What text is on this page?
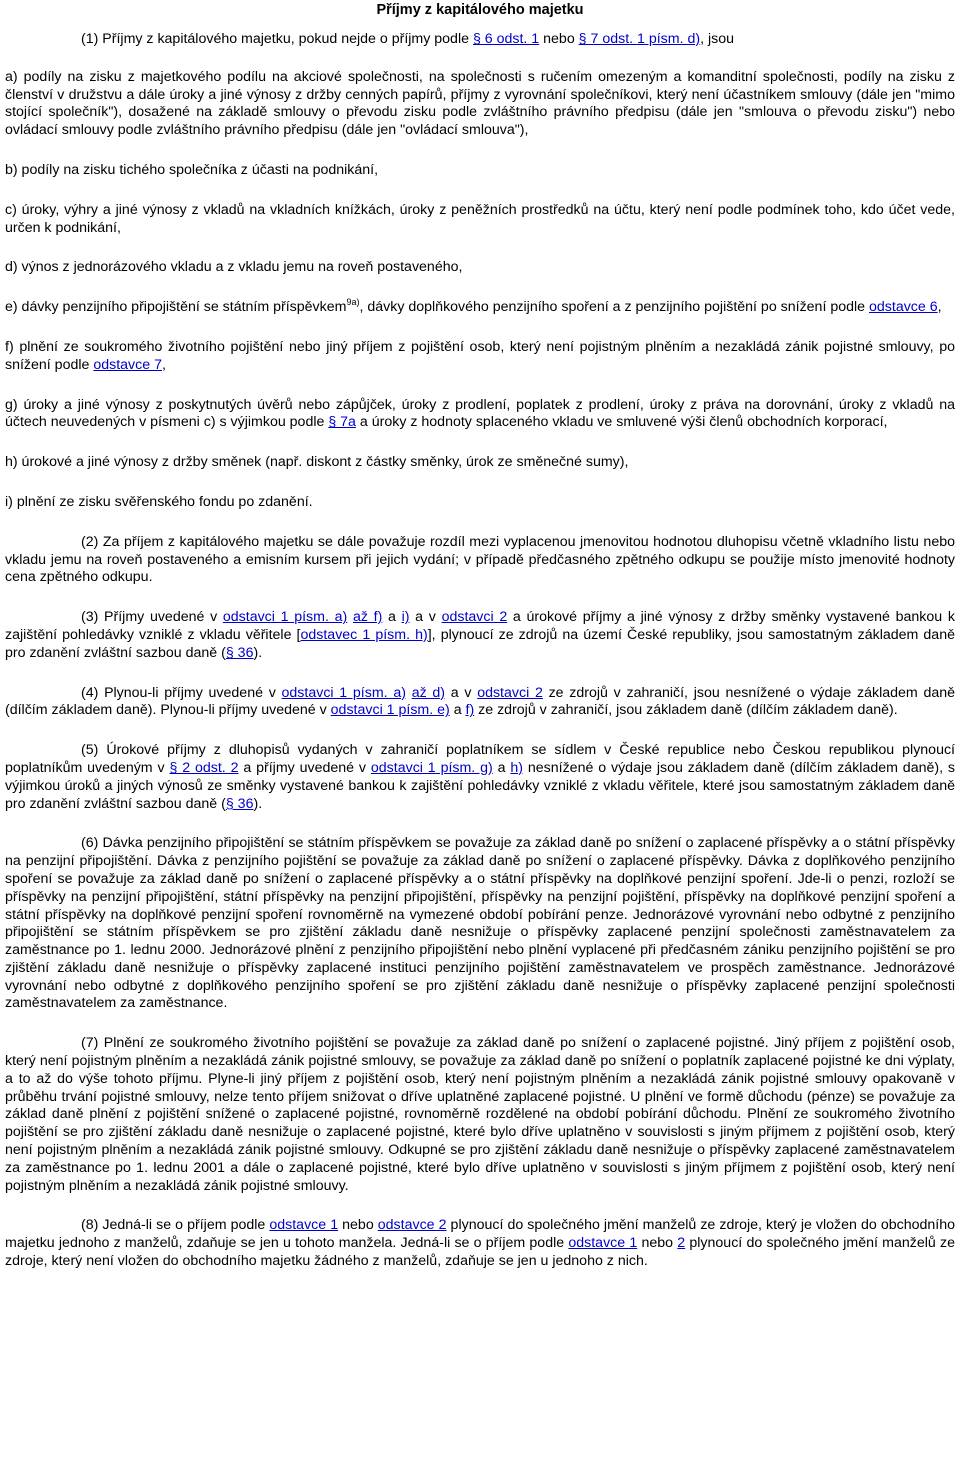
Příjmy z kapitálového majetku

(1) Příjmy z kapitálového majetku, pokud nejde o příjmy podle § 6 odst. 1 nebo § 7 odst. 1 písm. d), jsou

a) podíly na zisku z majetkového podílu na akciové společnosti, na společnosti s ručením omezeným a komanditní společnosti, podíly na zisku z členství v družstvu a dále úroky a jiné výnosy z držby cenných papírů, příjmy z vyrovnání společníkovi, který není účastníkem smlouvy (dále jen "mimo stojící společník"), dosažené na základě smlouvy o převodu zisku podle zvláštního právního předpisu (dále jen "smlouva o převodu zisku") nebo ovládací smlouvy podle zvláštního právního předpisu (dále jen "ovládací smlouva"),

b) podíly na zisku tichého společníka z účasti na podnikání,

c) úroky, výhry a jiné výnosy z vkladů na vkladních knížkách, úroky z peněžních prostředků na účtu, který není podle podmínek toho, kdo účet vede, určen k podnikání,

d) výnos z jednorázového vkladu a z vkladu jemu na roveň postaveného,

e) dávky penzijního připojištění se státním příspěvkem$^{9a)}$, dávky doplňkového penzijního spoření a z penzijního pojištění po snížení podle odstavce 6,

f) plnění ze soukromého životního pojištění nebo jiný příjem z pojištění osob, který není pojistným plněním a nezakládá zánik pojistné smlouvy, po snížení podle odstavce 7,

g) úroky a jiné výnosy z poskytnutých úvěrů nebo zápůjček, úroky z prodlení, poplatek z prodlení, úroky z práva na dorovnání, úroky z vkladů na účtech neuvedených v písmeni c) s výjimkou podle § 7a a úroky z hodnoty splaceného vkladu ve smluvené výši členů obchodních korporací,

h) úrokové a jiné výnosy z držby směnek (např. diskont z částky směnky, úrok ze směnečné sumy),

i) plnění ze zisku svěřenského fondu po zdanění.

(2) Za příjem z kapitálového majetku se dále považuje rozdíl mezi vyplacenou jmenovitou hodnotou dluhopisu včetně vkladního listu nebo vkladu jemu na roveň postaveného a emisním kursem při jejich vydání; v případě předčasného zpětného odkupu se použije místo jmenovité hodnoty cena zpětného odkupu.

(3) Příjmy uvedené v odstavci 1 písm. a) až f) a i) a v odstavci 2 a úrokové příjmy a jiné výnosy z držby směnky vystavené bankou k zajištění pohledávky vzniklé z vkladu věřitele [odstavec 1 písm. h)], plynoucí ze zdrojů na území České republiky, jsou samostatným základem daně pro zdanění zvláštní sazbou daně (§ 36).

(4) Plynou-li příjmy uvedené v odstavci 1 písm. a) až d) a v odstavci 2 ze zdrojů v zahraničí, jsou nesnížené o výdaje základem daně (dílčím základem daně). Plynou-li příjmy uvedené v odstavci 1 písm. e) a f) ze zdrojů v zahraničí, jsou základem daně (dílčím základem daně).

(5) Úrokové příjmy z dluhopisů vydaných v zahraničí poplatníkem se sídlem v České republice nebo Českou republikou plynoucí poplatníkům uvedeným v § 2 odst. 2 a příjmy uvedené v odstavci 1 písm. g) a h) nesnížené o výdaje jsou základem daně (dílčím základem daně), s výjimkou úroků a jiných výnosů ze směnky vystavené bankou k zajištění pohledávky vzniklé z vkladu věřitele, které jsou samostatným základem daně pro zdanění zvláštní sazbou daně (§ 36).

(6) Dávka penzijního připojištění se státním příspěvkem se považuje za základ daně po snížení o zaplacené příspěvky a o státní příspěvky na penzijní připojištění. Dávka z penzijního pojištění se považuje za základ daně po snížení o zaplacené příspěvky. Dávka z doplňkového penzijního spoření se považuje za základ daně po snížení o zaplacené příspěvky a o státní příspěvky na doplňkové penzijní spoření. Jde-li o penzi, rozloží se příspěvky na penzijní připojištění, státní příspěvky na penzijní připojištění, příspěvky na penzijní pojištění, příspěvky na doplňkové penzijní spoření a státní příspěvky na doplňkové penzijní spoření rovnoměrně na vymezené období pobírání penze. Jednorázové vyrovnání nebo odbytné z penzijního připojištění se státním příspěvkem se pro zjištění základu daně nesnižuje o příspěvky zaplacené penzijní společnosti zaměstnavatelem za zaměstnance po 1. lednu 2000. Jednorázové plnění z penzijního připojištění nebo plnění vyplacené při předčasném zániku penzijního pojištění se pro zjištění základu daně nesnižuje o příspěvky zaplacené instituci penzijního pojištění zaměstnavatelem ve prospěch zaměstnance. Jednorázové vyrovnání nebo odbytné z doplňkového penzijního spoření se pro zjištění základu daně nesnižuje o příspěvky zaplacené penzijní společnosti zaměstnavatelem za zaměstnance.

(7) Plnění ze soukromého životního pojištění se považuje za základ daně po snížení o zaplacené pojistné. Jiný příjem z pojištění osob, který není pojistným plněním a nezakládá zánik pojistné smlouvy, se považuje za základ daně po snížení o poplatník zaplacené pojistné ke dni výplaty, a to až do výše tohoto příjmu. Plyne-li jiný příjem z pojištění osob, který není pojistným plněním a nezakládá zánik pojistné smlouvy opakovaně v průběhu trvání pojistné smlouvy, nelze tento příjem snižovat o dříve uplatněné zaplacené pojistné. U plnění ve formě důchodu (pénze) se považuje za základ daně plnění z pojištění snížené o zaplacené pojistné, rovnoměrně rozdělené na období pobírání důchodu. Plnění ze soukromého životního pojištění se pro zjištění základu daně nesnižuje o zaplacené pojistné, které bylo dříve uplatněno v souvislosti s jiným příjmem z pojištění osob, který není pojistným plněním a nezakládá zánik pojistné smlouvy. Odkupné se pro zjištění základu daně nesnižuje o příspěvky zaplacené zaměstnavatelem za zaměstnance po 1. lednu 2001 a dále o zaplacené pojistné, které bylo dříve uplatněno v souvislosti s jiným příjmem z pojištění osob, který není pojistným plněním a nezakládá zánik pojistné smlouvy.

(8) Jedná-li se o příjem podle odstavce 1 nebo odstavce 2 plynoucí do společného jmění manželů ze zdroje, který je vložen do obchodního majetku jednoho z manželů, zdaňuje se jen u tohoto manžela. Jedná-li se o příjem podle odstavce 1 nebo 2 plynoucí do společného jmění manželů ze zdroje, který není vložen do obchodního majetku žádného z manželů, zdaňuje se jen u jednoho z nich.
